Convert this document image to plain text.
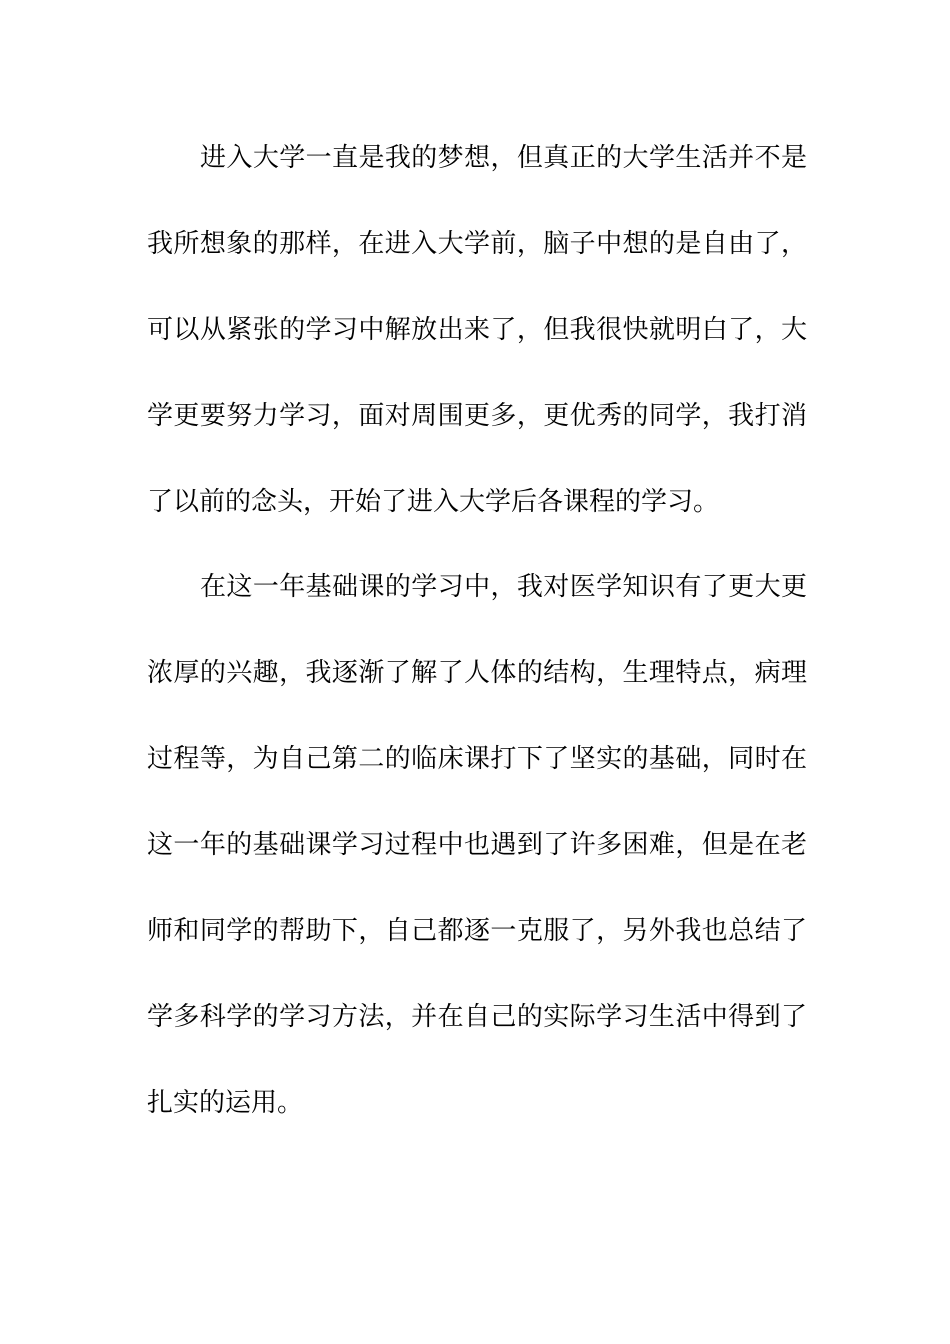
进入大学一直是我的梦想，但真正的大学生活并不是
我所想象的那样，在进入大学前，脑子中想的是自由了，
可以从紧张的学习中解放出来了，但我很快就明白了，大
学更要努力学习，面对周围更多，更优秀的同学，我打消
了以前的念头，开始了进入大学后各课程的学习。
在这一年基础课的学习中，我对医学知识有了更大更
浓厚的兴趣，我逐渐了解了人体的结构，生理特点，病理
过程等，为自己第二的临床课打下了坚实的基础，同时在
这一年的基础课学习过程中也遇到了许多困难，但是在老
师和同学的帮助下，自己都逐一克服了，另外我也总结了
学多科学的学习方法，并在自己的实际学习生活中得到了
扎实的运用。
